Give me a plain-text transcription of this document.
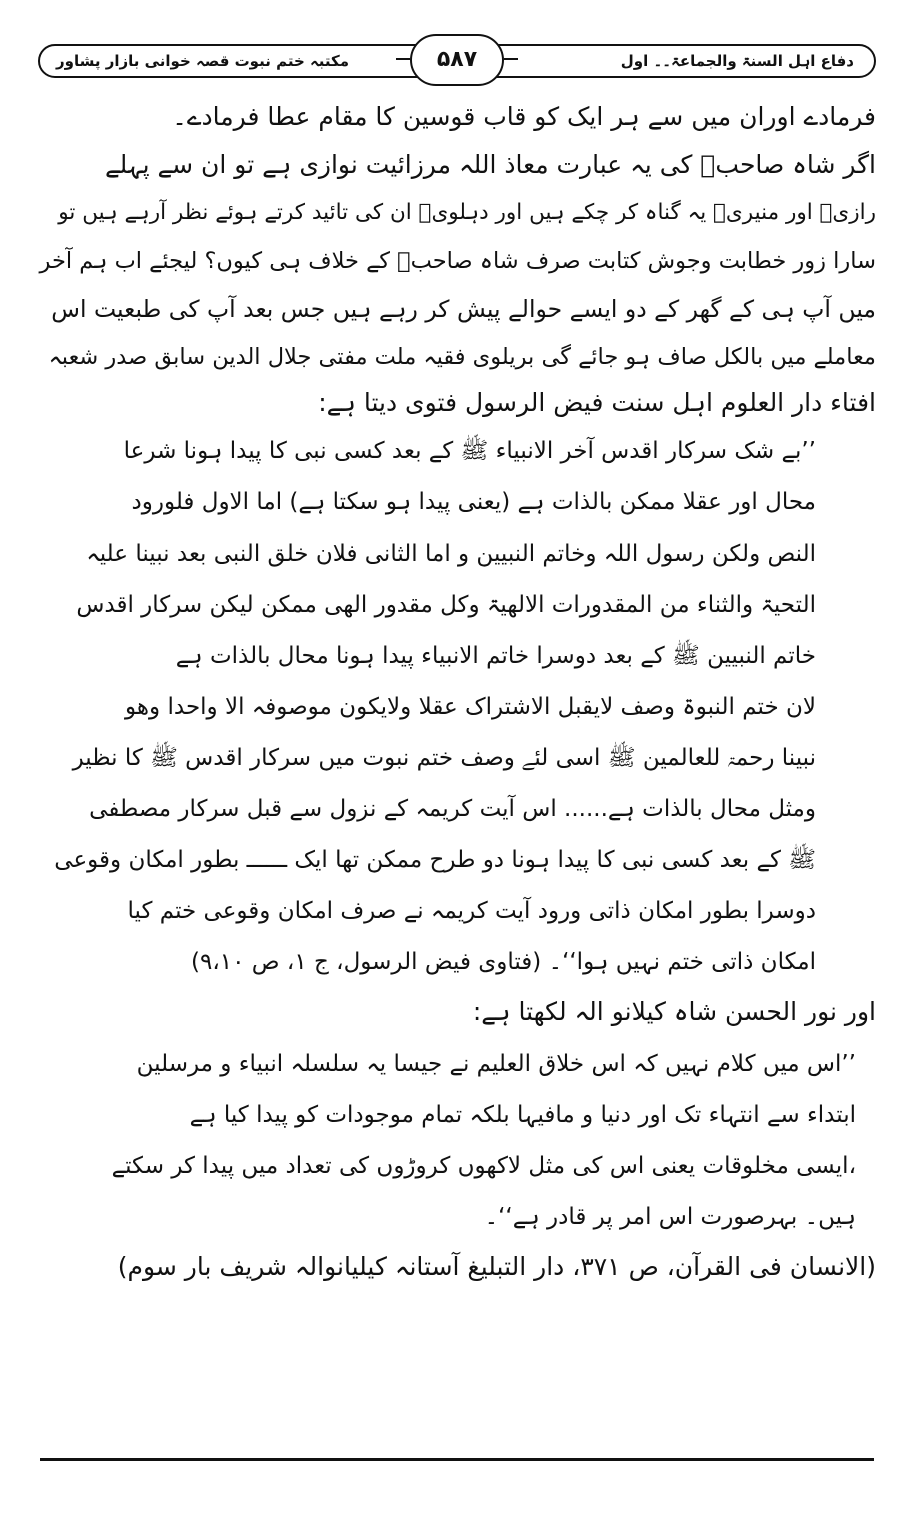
مکتبہ ختم نبوت قصہ خوانی بازار پشاور	دفاع اہل السنۃ والجماعۃ۔۔ اول
۵۸۷
فرمادے اوران میں سے ہر ایک کو قاب قوسین کا مقام عطا فرمادے۔
اگر شاہ صاحبؒ کی یہ عبارت معاذ اللہ مرزائیت نوازی ہے تو ان سے پہلے
رازیؒ اور منیریؒ یہ گناہ کر چکے ہیں اور دہلویؒ ان کی تائید کرتے ہوئے نظر آرہے ہیں تو
سارا زور خطابت وجوش کتابت صرف شاہ صاحبؒ کے خلاف ہی کیوں؟ لیجئے اب ہم آخر
میں آپ ہی کے گھر کے دو ایسے حوالے پیش کر رہے ہیں جس بعد آپ کی طبعیت اس
معاملے میں بالکل صاف ہو جائے گی بریلوی فقیہ ملت مفتی جلال الدین سابق صدر شعبہ
افتاء دار العلوم اہل سنت فیض الرسول فتوی دیتا ہے:
’’بے شک سرکار اقدس آخر الانبیاء ﷺ کے بعد کسی نبی کا پیدا ہونا شرعا
محال اور عقلا ممکن بالذات ہے (یعنی پیدا ہو سکتا ہے) اما الاول فلورود
النص ولکن رسول اللہ وخاتم النبیین و اما الثانی فلان خلق النبی بعد نبینا علیہ
التحیۃ والثناء من المقدورات الالھیۃ وکل مقدور الھی ممکن لیکن سرکار اقدس
خاتم النبیین ﷺ کے بعد دوسرا خاتم الانبیاء پیدا ہونا محال بالذات ہے
لان ختم النبوۃ وصف لایقبل الاشتراک عقلا ولایکون موصوفہ الا واحدا وھو
نبینا رحمۃ للعالمین ﷺ اسی لئے وصف ختم نبوت میں سرکار اقدس ﷺ کا نظیر
ومثل محال بالذات ہے...... اس آیت کریمہ کے نزول سے قبل سرکار مصطفی
ﷺ کے بعد کسی نبی کا پیدا ہونا دو طرح ممکن تھا ایک ــــــ بطور امکان وقوعی
دوسرا بطور امکان ذاتی ورود آیت کریمہ نے صرف امکان وقوعی ختم کیا
امکان ذاتی ختم نہیں ہوا‘‘۔ (فتاوی فیض الرسول، ج ۱، ص ۹،۱۰)
اور نور الحسن شاہ کیلانو الہ لکھتا ہے:
’’اس میں کلام نہیں کہ اس خلاق العلیم نے جیسا یہ سلسلہ انبیاء و مرسلین
ابتداء سے انتہاء تک اور دنیا و مافیہا بلکہ تمام موجودات کو پیدا کیا ہے
،ایسی مخلوقات یعنی اس کی مثل لاکھوں کروڑوں کی تعداد میں پیدا کر سکتے
ہیں۔ بہرصورت اس امر پر قادر ہے‘‘۔
(الانسان فی القرآن، ص ۳۷۱، دار التبلیغ آستانہ کیلیانوالہ شریف بار سوم)
